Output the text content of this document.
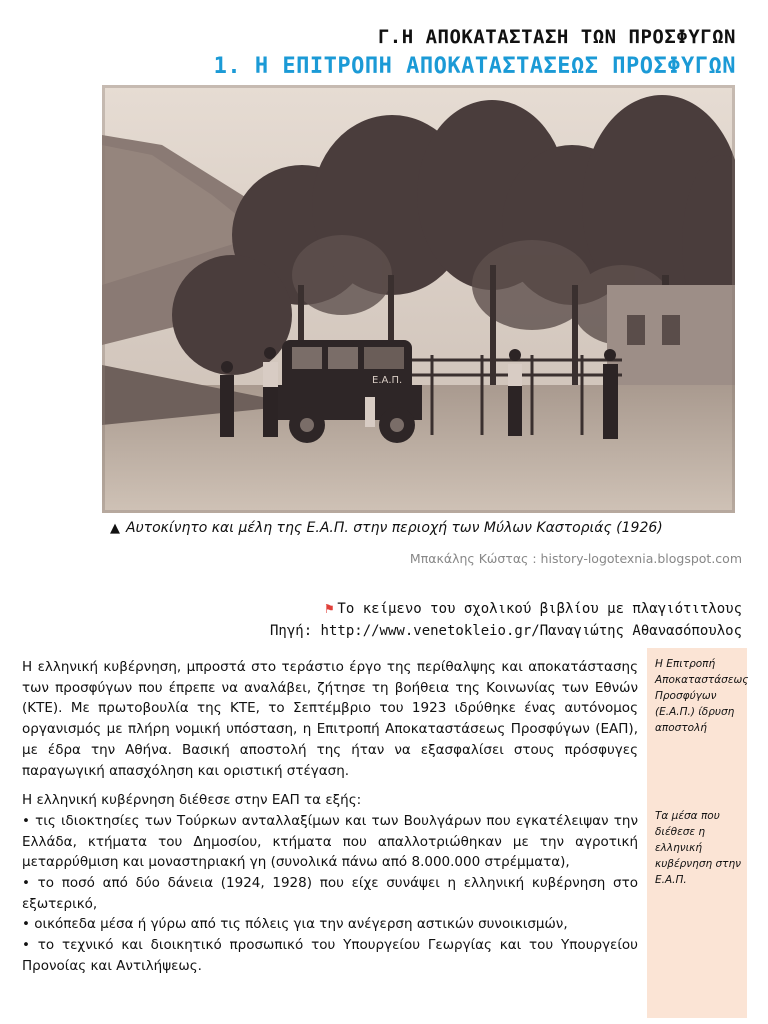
Γ.Η ΑΠΟΚΑΤΑΣΤΑΣΗ ΤΩΝ ΠΡΟΣΦΥΓΩΝ
1. Η ΕΠΙΤΡΟΠΗ ΑΠΟΚΑΤΑΣΤΑΣΕΩΣ ΠΡΟΣΦΥΓΩΝ
Ε.Α.Π.
▲ Αυτοκίνητο και μέλη της Ε.Α.Π. στην περιοχή των Μύλων Καστοριάς (1926)
Μπακάλης Κώστας : history-logotexnia.blogspot.com
⚑ Το κείμενο του σχολικού βιβλίου με πλαγιότιτλους
Πηγή: http://www.venetokleio.gr/Παναγιώτης Αθανασόπουλος
Η Επιτροπή Αποκαταστάσεως Προσφύγων (Ε.Α.Π.) ίδρυση αποστολή
Τα μέσα που διέθεσε η ελληνική κυβέρνηση στην Ε.Α.Π.

Η ελληνική κυβέρνηση, μπροστά στο τεράστιο έργο της περίθαλψης και αποκατάστασης των προσφύγων που έπρεπε να αναλάβει, ζήτησε τη βοήθεια της Κοινωνίας των Εθνών (ΚΤΕ). Με πρωτοβουλία της ΚΤΕ, το Σεπτέμβριο του 1923 ιδρύθηκε ένας αυτόνομος οργανισμός με πλήρη νομική υπόσταση, η Επιτροπή Αποκαταστάσεως Προσφύγων (ΕΑΠ), με έδρα την Αθήνα. Βασική αποστολή της ήταν να εξασφαλίσει στους πρόσφυγες παραγωγική απασχόληση και οριστική στέγαση.

Η ελληνική κυβέρνηση διέθεσε στην ΕΑΠ τα εξής:

• τις ιδιοκτησίες των Τούρκων ανταλλαξίμων και των Βουλγάρων που εγκατέλειψαν την Ελλάδα, κτήματα του Δημοσίου, κτήματα που απαλλοτριώθηκαν με την αγροτική μεταρρύθμιση και μοναστηριακή γη (συνολικά πάνω από 8.000.000 στρέμματα),

• το ποσό από δύο δάνεια (1924, 1928) που είχε συνάψει η ελληνική κυβέρνηση στο εξωτερικό,

• οικόπεδα μέσα ή γύρω από τις πόλεις για την ανέγερση αστικών συνοικισμών,

• το τεχνικό και διοικητικό προσωπικό του Υπουργείου Γεωργίας και του Υπουργείου Προνοίας και Αντιλήψεως.
